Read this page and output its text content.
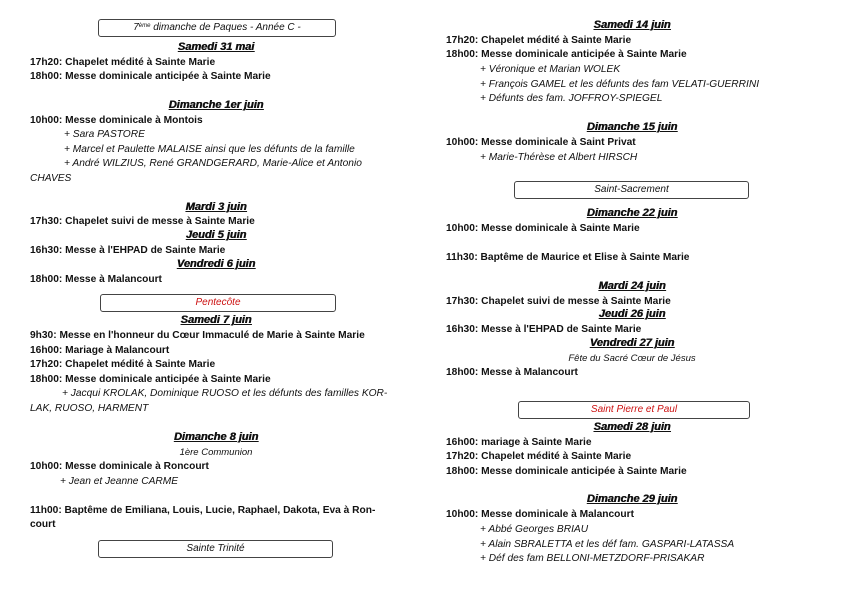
7ème dimanche de Paques - Année C -
Samedi 31 mai
17h20: Chapelet médité à Sainte Marie
18h00: Messe dominicale anticipée à Sainte Marie
Dimanche 1er juin
10h00: Messe dominicale à Montois
+ Sara PASTORE
+ Marcel et Paulette MALAISE ainsi que les défunts de la famille
+ André WILZIUS, René GRANDGERARD, Marie-Alice et Antonio
CHAVES
Mardi 3 juin
17h30: Chapelet suivi de messe à Sainte Marie
Jeudi 5 juin
16h30: Messe à l'EHPAD de Sainte Marie
Vendredi 6 juin
18h00: Messe à Malancourt
Pentecôte
Samedi 7 juin
9h30: Messe en l'honneur du Cœur Immaculé de Marie à Sainte Marie
16h00: Mariage à Malancourt
17h20: Chapelet médité à Sainte Marie
18h00: Messe dominicale anticipée à Sainte Marie
+ Jacqui KROLAK, Dominique RUOSO et les défunts des familles KOR-
LAK, RUOSO, HARMENT
Dimanche 8 juin
1ère Communion
10h00: Messe dominicale à Roncourt
+ Jean et Jeanne CARME
11h00: Baptême de Emiliana, Louis, Lucie, Raphael, Dakota, Eva à Ron-
court
Sainte Trinité
Samedi 14 juin
17h20: Chapelet médité à Sainte Marie
18h00: Messe dominicale anticipée à Sainte Marie
+ Véronique et Marian WOLEK
+ François GAMEL et les défunts des fam VELATI-GUERRINI
+ Défunts des fam. JOFFROY-SPIEGEL
Dimanche 15 juin
10h00: Messe dominicale à Saint Privat
+ Marie-Thérèse et Albert HIRSCH
Saint-Sacrement
Dimanche 22 juin
10h00: Messe dominicale à Sainte Marie
11h30: Baptême de Maurice et Elise à Sainte Marie
Mardi 24 juin
17h30: Chapelet suivi de messe à Sainte Marie
Jeudi 26 juin
16h30: Messe à l'EHPAD de Sainte Marie
Vendredi 27 juin
Fête du Sacré Cœur de Jésus
18h00: Messe à Malancourt
Saint Pierre et Paul
Samedi 28 juin
16h00: mariage à Sainte Marie
17h20: Chapelet médité à Sainte Marie
18h00: Messe dominicale anticipée à Sainte Marie
Dimanche 29 juin
10h00: Messe dominicale à Malancourt
+ Abbé Georges BRIAU
+ Alain SBRALETTA et les déf fam. GASPARI-LATASSA
+ Déf des fam BELLONI-METZDORF-PRISAKAR
